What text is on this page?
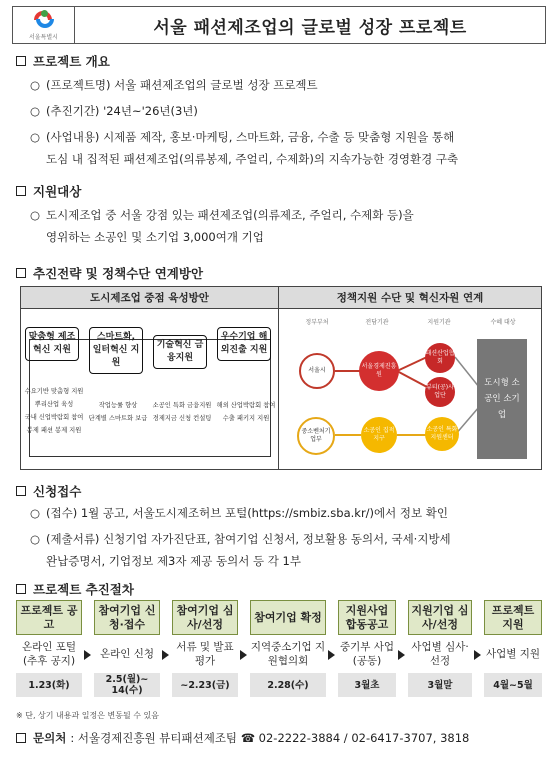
서울특별시	서울 패션제조업의 글로벌 성장 프로젝트
프로젝트 개요
○ (프로젝트명) 서울 패션제조업의 글로벌 성장 프로젝트
○ (추진기간) '24년~'26년(3년)
○ (사업내용) 시제품 제작, 홍보·마케팅, 스마트화, 금융, 수출 등 맞춤형 지원을 통해
도심 내 집적된 패션제조업(의류봉제, 주얼리, 수제화)의 지속가능한 경영환경 구축
지원대상
○ 도시제조업 중 서울 강점 있는 패션제조업(의류제조, 주얼리, 수제화 등)을
영위하는 소공인 및 소기업 3,000여개 기업
추진전략 및 정책수단 연계방안
도시제조업 중점 육성방안
맞춤형 제조혁신 지원
스마트화, 일터혁신 지원
기술혁신 금융지원
우수기업 해외진출 지원
수요기반 맞춤형 지원
뿌리산업 육성
국내 신업박람회 참여
봉제 패션 봉제 지원
작업능률 향상
단계별 스마트화 보급
소공인 특화 금융지원
경제지금 신청 컨설팅
해외 산업박람회 참여
수출 패키지 지원
정책지원 수단 및 혁신자원 연계
정부부처	전담기관	지원기관	수혜 대상
서울시
서울경제진흥원
패션산업협회
뷰티(공)사업단
중소벤처기업부
소공인 집적지구
소공인 특화지원센터
도시형 소공인 소기업
신청접수
○ (접수) 1월 공고, 서울도시제조허브 포털(https://smbiz.sba.kr/)에서 정보 확인
○ (제출서류) 신청기업 자가진단표, 참여기업 신청서, 정보활용 동의서, 국세·지방세
완납증명서, 기업정보 제3자 제공 동의서 등 각 1부
프로젝트 추진절차
프로젝트 공고
온라인 포털 (추후 공지)
1.23(화)
참여기업 신청·접수
온라인 신청
2.5(월)~ 14(수)
참여기업 심사/선정
서류 및 발표평가
~2.23(금)
참여기업 확정
지역중소기업 지원협의회
2.28(수)
지원사업 합동공고
중기부 사업(공동)
3월초
지원기업 심사/선정
사업별 심사·선정
3월말
프로젝트 지원
사업별 지원
4월~5월
※ 단, 상기 내용과 일정은 변동될 수 있음
문의처 : 서울경제진흥원 뷰티패션제조팀 ☎ 02-2222-3884 / 02-6417-3707, 3818
